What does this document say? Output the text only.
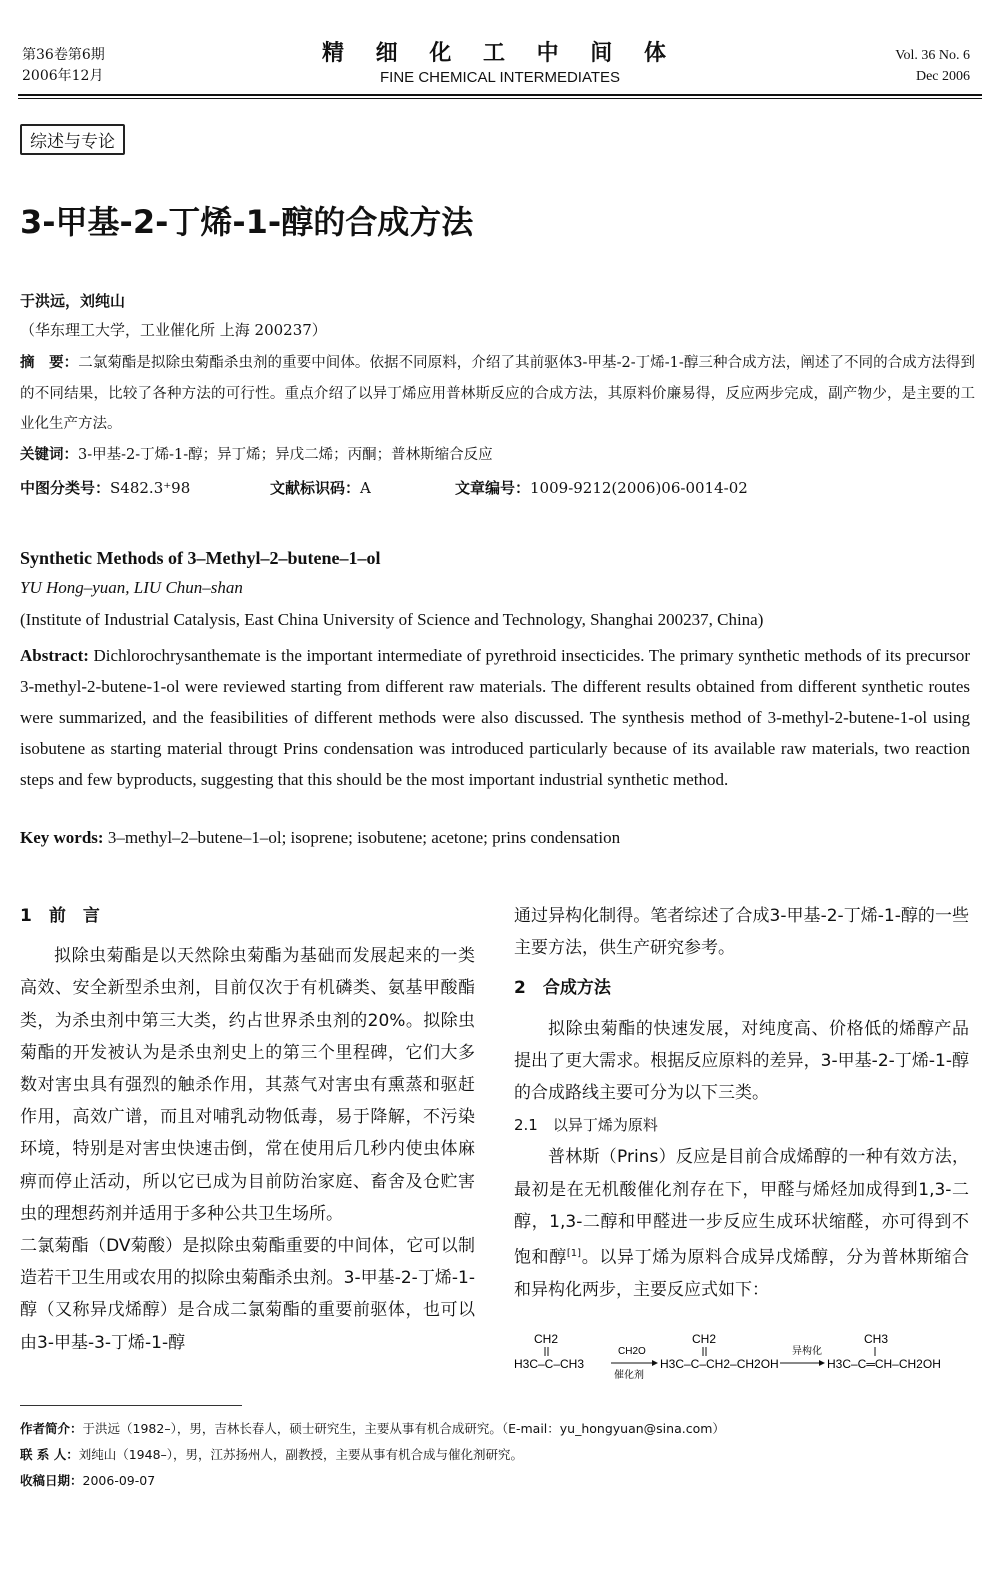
第36卷第6期
2006年12月
精 细 化 工 中 间 体
FINE CHEMICAL INTERMEDIATES
Vol. 36 No. 6
Dec 2006
综述与专论
3-甲基-2-丁烯-1-醇的合成方法
于洪远，刘纯山
（华东理工大学，工业催化所 上海 200237）
摘　要：二氯菊酯是拟除虫菊酯杀虫剂的重要中间体。依据不同原料，介绍了其前驱体3-甲基-2-丁烯-1-醇三种合成方法，阐述了不同的合成方法得到的不同结果，比较了各种方法的可行性。重点介绍了以异丁烯应用普林斯反应的合成方法，其原料价廉易得，反应两步完成，副产物少，是主要的工业化生产方法。
关键词：3-甲基-2-丁烯-1-醇；异丁烯；异戊二烯；丙酮；普林斯缩合反应
中图分类号：S482.3⁺98	文献标识码：A	文章编号：1009-9212(2006)06-0014-02
Synthetic Methods of 3–Methyl–2–butene–1–ol
YU Hong–yuan, LIU Chun–shan
(Institute of Industrial Catalysis, East China University of Science and Technology, Shanghai 200237, China)
Abstract: Dichlorochrysanthemate is the important intermediate of pyrethroid insecticides. The primary synthetic methods of its precursor 3-methyl-2-butene-1-ol were reviewed starting from different raw materials. The different results obtained from different synthetic routes were summarized, and the feasibilities of different methods were also discussed. The synthesis method of 3-methyl-2-butene-1-ol using isobutene as starting material througt Prins condensation was introduced particularly because of its available raw materials, two reaction steps and few byproducts, suggesting that this should be the most important industrial synthetic method.
Key words: 3–methyl–2–butene–1–ol; isoprene; isobutene; acetone; prins condensation
1　前　言

拟除虫菊酯是以天然除虫菊酯为基础而发展起来的一类高效、安全新型杀虫剂，目前仅次于有机磷类、氨基甲酸酯类，为杀虫剂中第三大类，约占世界杀虫剂的20%。拟除虫菊酯的开发被认为是杀虫剂史上的第三个里程碑，它们大多数对害虫具有强烈的触杀作用，其蒸气对害虫有熏蒸和驱赶作用，高效广谱，而且对哺乳动物低毒，易于降解，不污染环境，特别是对害虫快速击倒，常在使用后几秒内使虫体麻痹而停止活动，所以它已成为目前防治家庭、畜舍及仓贮害虫的理想药剂并适用于多种公共卫生场所。

二氯菊酯（DV菊酸）是拟除虫菊酯重要的中间体，它可以制造若干卫生用或农用的拟除虫菊酯杀虫剂。3-甲基-2-丁烯-1-醇（又称异戊烯醇）是合成二氯菊酯的重要前驱体，也可以由3-甲基-3-丁烯-1-醇

通过异构化制得。笔者综述了合成3-甲基-2-丁烯-1-醇的一些主要方法，供生产研究参考。

2　合成方法

拟除虫菊酯的快速发展，对纯度高、价格低的烯醇产品提出了更大需求。根据反应原料的差异，3-甲基-2-丁烯-1-醇的合成路线主要可分为以下三类。

2.1　以异丁烯为原料

普林斯（Prins）反应是目前合成烯醇的一种有效方法，最初是在无机酸催化剂存在下，甲醛与烯烃加成得到1,3-二醇，1,3-二醇和甲醛进一步反应生成环状缩醛，亦可得到不饱和醇[1]。以异丁烯为原料合成异戊烯醇，分为普林斯缩合和异构化两步，主要反应式如下：

CH2
H3C–C–CH3
CH2O
催化剂
CH2
H3C–C–CH2–CH2OH
异构化
CH3
H3C–C═CH–CH2OH
作者简介：于洪远（1982–），男，吉林长春人，硕士研究生，主要从事有机合成研究。（E-mail：yu_hongyuan@sina.com）
联 系 人：刘纯山（1948–），男，江苏扬州人，副教授，主要从事有机合成与催化剂研究。
收稿日期：2006-09-07
